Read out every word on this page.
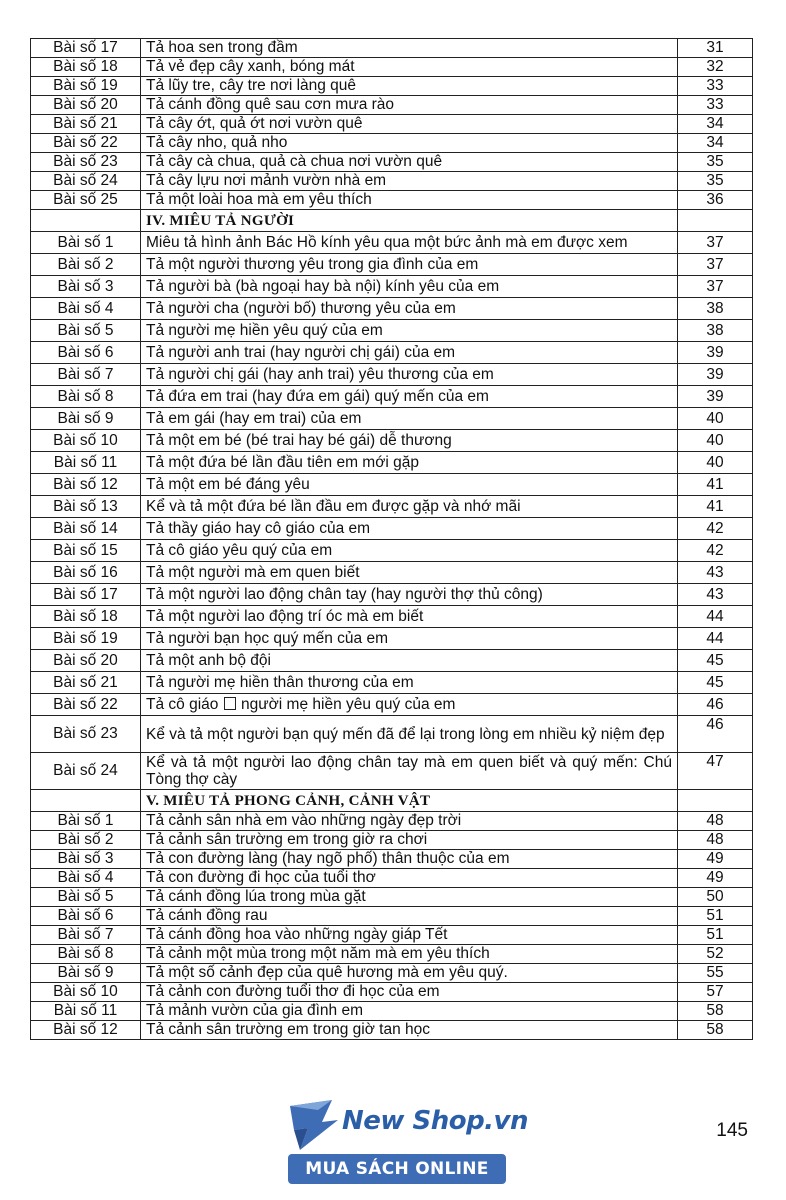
Bài số 17	Tả hoa sen trong đầm	31
Bài số 18	Tả vẻ đẹp cây xanh, bóng mát	32
Bài số 19	Tả lũy tre, cây tre nơi làng quê	33
Bài số 20	Tả cánh đồng quê sau cơn mưa rào	33
Bài số 21	Tả cây ớt, quả ớt nơi vườn quê	34
Bài số 22	Tả cây nho, quả nho	34
Bài số 23	Tả cây cà chua, quả cà chua nơi vườn quê	35
Bài số 24	Tả cây lựu nơi mảnh vườn nhà em	35
Bài số 25	Tả một loài hoa mà em yêu thích	36
	IV. MIÊU TẢ NGƯỜI	
Bài số 1	Miêu tả hình ảnh Bác Hồ kính yêu qua một bức ảnh mà em được xem	37
Bài số 2	Tả một người thương yêu trong gia đình của em	37
Bài số 3	Tả người bà (bà ngoại hay bà nội) kính yêu của em	37
Bài số 4	Tả người cha (người bố) thương yêu của em	38
Bài số 5	Tả người mẹ hiền yêu quý của em	38
Bài số 6	Tả người anh trai (hay người chị gái) của em	39
Bài số 7	Tả người chị gái (hay anh trai) yêu thương của em	39
Bài số 8	Tả đứa em trai (hay đứa em gái) quý mến của em	39
Bài số 9	Tả em gái (hay em trai) của em	40
Bài số 10	Tả một em bé (bé trai hay bé gái) dễ thương	40
Bài số 11	Tả một đứa bé lần đầu tiên em mới gặp	40
Bài số 12	Tả một em bé đáng yêu	41
Bài số 13	Kể và tả một đứa bé lần đầu em được gặp và nhớ mãi	41
Bài số 14	Tả thầy giáo hay cô giáo của em	42
Bài số 15	Tả cô giáo yêu quý của em	42
Bài số 16	Tả một người mà em quen biết	43
Bài số 17	Tả một người lao động chân tay (hay người thợ thủ công)	43
Bài số 18	Tả một người lao động trí óc mà em biết	44
Bài số 19	Tả người bạn học quý mến của em	44
Bài số 20	Tả một anh bộ đội	45
Bài số 21	Tả người mẹ hiền thân thương của em	45
Bài số 22	Tả cô giáo người mẹ hiền yêu quý của em	46
Bài số 23	Kể và tả một người bạn quý mến đã để lại trong lòng em nhiều kỷ niệm đẹp	46
Bài số 24	Kể và tả một người lao động chân tay mà em quen biết và quý mến: Chú Tòng thợ cày	47
	V. MIÊU TẢ PHONG CẢNH, CẢNH VẬT	
Bài số 1	Tả cảnh sân nhà em vào những ngày đẹp trời	48
Bài số 2	Tả cảnh sân trường em trong giờ ra chơi	48
Bài số 3	Tả con đường làng (hay ngõ phố) thân thuộc của em	49
Bài số 4	Tả con đường đi học của tuổi thơ	49
Bài số 5	Tả cánh đồng lúa trong mùa gặt	50
Bài số 6	Tả cánh đồng rau	51
Bài số 7	Tả cánh đồng hoa vào những ngày giáp Tết	51
Bài số 8	Tả cảnh một mùa trong một năm mà em yêu thích	52
Bài số 9	Tả một số cảnh đẹp của quê hương mà em yêu quý.	55
Bài số 10	Tả cảnh con đường tuổi thơ đi học của em	57
Bài số 11	Tả mảnh vườn của gia đình em	58
Bài số 12	Tả cảnh sân trường em trong giờ tan học	58
New Shop.vn
MUA SÁCH ONLINE
145
